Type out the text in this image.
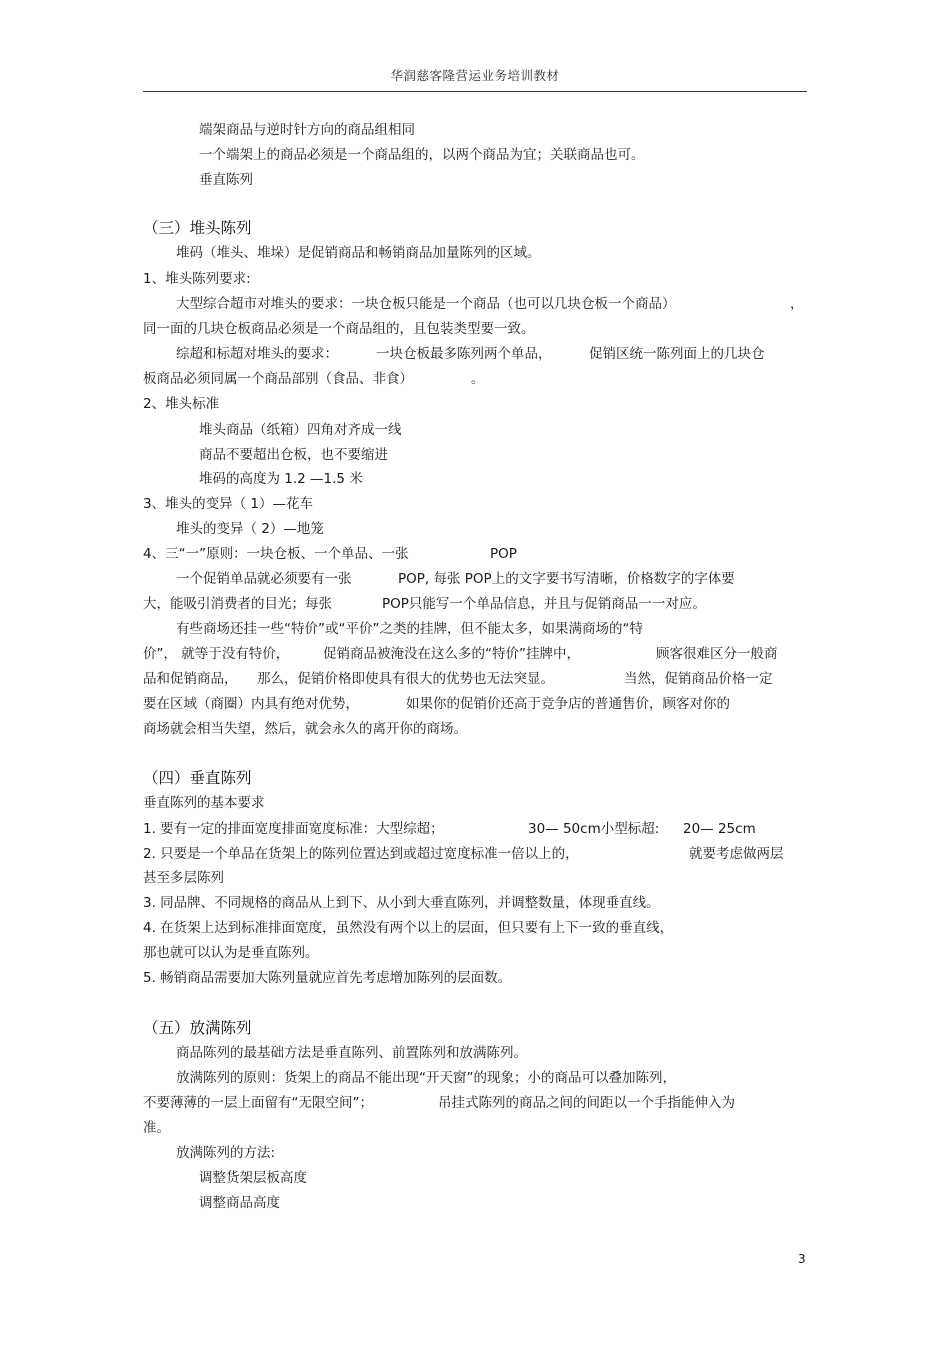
华润慈客隆营运业务培训教材
端架商品与逆时针方向的商品组相同
一个端架上的商品必须是一个商品组的，以两个商品为宜；关联商品也可。
垂直陈列
（三）堆头陈列
堆码（堆头、堆垛）是促销商品和畅销商品加量陈列的区域。
1、堆头陈列要求:
大型综合超市对堆头的要求：一块仓板只能是一个商品（也可以几块仓板一个商品）	，
同一面的几块仓板商品必须是一个商品组的，且包装类型要一致。
综超和标超对堆头的要求：	一块仓板最多陈列两个单品，	促销区统一陈列面上的几块仓
板商品必须同属一个商品部别（食品、非食）	。
2、堆头标准
堆头商品（纸箱）四角对齐成一线
商品不要超出仓板，也不要缩进
堆码的高度为 1.2 —1.5 米
3、堆头的变异（ 1）—花车
堆头的变异（ 2）—地笼
4、三“一”原则：一块仓板、一个单品、一张	POP
一个促销单品就必须要有一张	POP, 每张 POP上的文字要书写清晰，价格数字的字体要
大，能吸引消费者的目光；每张	POP只能写一个单品信息，并且与促销商品一一对应。
有些商场还挂一些“特价”或“平价”之类的挂牌，但不能太多，如果满商场的“特
价”， 就等于没有特价， 促销商品被淹没在这么多的“特价”挂牌中，	顾客很难区分一般商
品和促销商品， 那么，促销价格即使具有很大的优势也无法突显。	当然，促销商品价格一定
要在区域（商圈）内具有绝对优势，	如果你的促销价还高于竞争店的普通售价，顾客对你的
商场就会相当失望，然后，就会永久的离开你的商场。
（四）垂直陈列
垂直陈列的基本要求
1. 要有一定的排面宽度排面宽度标准：大型综超；	30— 50cm小型标超: 20— 25cm
2. 只要是一个单品在货架上的陈列位置达到或超过宽度标准一倍以上的，	就要考虑做两层
甚至多层陈列
3. 同品牌、不同规格的商品从上到下、从小到大垂直陈列，并调整数量，体现垂直线。
4. 在货架上达到标准排面宽度，虽然没有两个以上的层面，但只要有上下一致的垂直线，
那也就可以认为是垂直陈列。
5. 畅销商品需要加大陈列量就应首先考虑增加陈列的层面数。
（五）放满陈列
商品陈列的最基础方法是垂直陈列、前置陈列和放满陈列。
放满陈列的原则：货架上的商品不能出现“开天窗”的现象；小的商品可以叠加陈列，
不要薄薄的一层上面留有“无限空间”；	吊挂式陈列的商品之间的间距以一个手指能伸入为
准。
放满陈列的方法:
调整货架层板高度
调整商品高度
3
